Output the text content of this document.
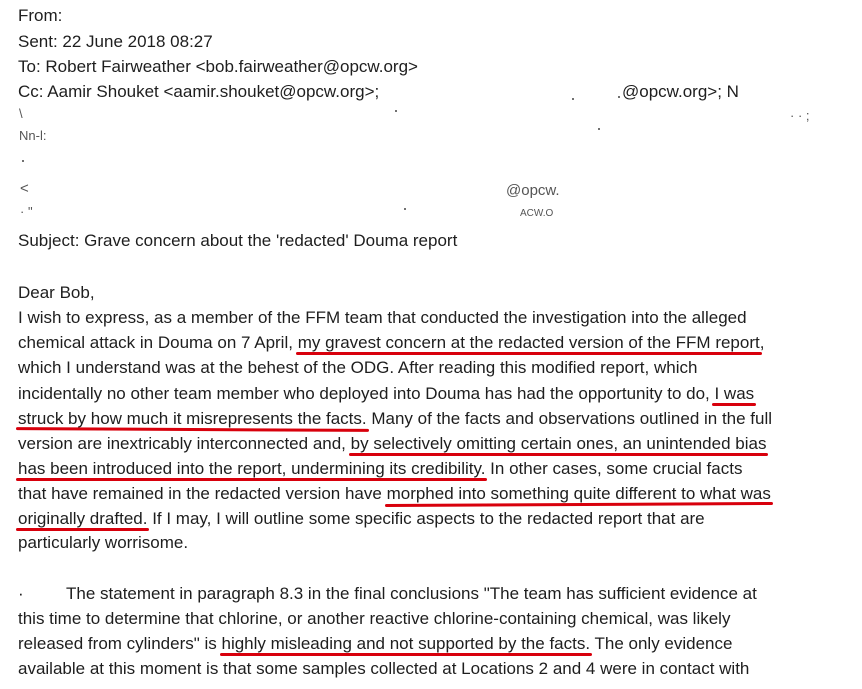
From:
Sent: 22 June 2018 08:27
To: Robert Fairweather <bob.fairweather@opcw.org>
Cc: Aamir Shouket <aamir.shouket@opcw.org>;	@opcw.org>; N
\
Nn-l:
<	@opcw.
· "
· · ;
ACW.O
Subject: Grave concern about the 'redacted' Douma report
Dear Bob,
I wish to express, as a member of the FFM team that conducted the investigation into the alleged
chemical attack in Douma on 7 April, my gravest concern at the redacted version of the FFM report,
which I understand was at the behest of the ODG. After reading this modified report, which
incidentally no other team member who deployed into Douma has had the opportunity to do, I was
struck by how much it misrepresents the facts. Many of the facts and observations outlined in the full
version are inextricably interconnected and, by selectively omitting certain ones, an unintended bias
has been introduced into the report, undermining its credibility. In other cases, some crucial facts
that have remained in the redacted version have morphed into something quite different to what was
originally drafted. If I may, I will outline some specific aspects to the redacted report that are
particularly worrisome.
· The statement in paragraph 8.3 in the final conclusions "The team has sufficient evidence at
this time to determine that chlorine, or another reactive chlorine-containing chemical, was likely
released from cylinders" is highly misleading and not supported by the facts. The only evidence
available at this moment is that some samples collected at Locations 2 and 4 were in contact with
